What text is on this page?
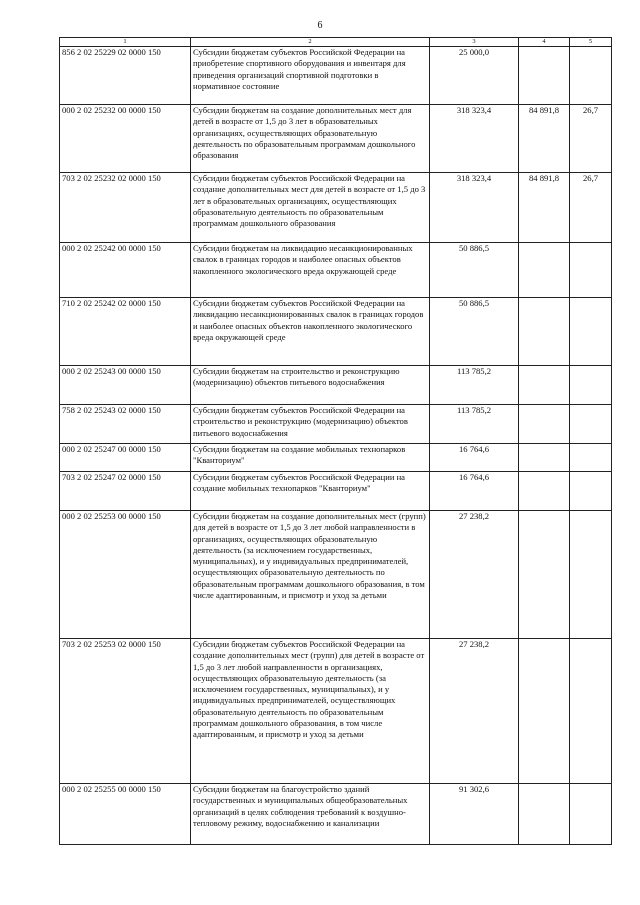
6
1	2	3	4	5
856 2 02 25229 02 0000 150	Субсидии бюджетам субъектов Российской Федерации на приобретение спортивного оборудования и инвентаря для приведения организаций спортивной подготовки в нормативное состояние	25 000,0		
000 2 02 25232 00 0000 150	Субсидии бюджетам на создание дополнительных мест для детей в возрасте от 1,5 до 3 лет в образовательных организациях, осуществляющих образовательную деятельность по образовательным программам дошкольного образования	318 323,4	84 891,8	26,7
703 2 02 25232 02 0000 150	Субсидии бюджетам субъектов Российской Федерации на создание дополнительных мест для детей в возрасте от 1,5 до 3 лет в образовательных организациях, осуществляющих образовательную деятельность по образовательным программам дошкольного образования	318 323,4	84 891,8	26,7
000 2 02 25242 00 0000 150	Субсидии бюджетам на ликвидацию несанкционированных свалок в границах городов и наиболее опасных объектов накопленного экологического вреда окружающей среде	50 886,5		
710 2 02 25242 02 0000 150	Субсидии бюджетам субъектов Российской Федерации на ликвидацию несанкционированных свалок в границах городов и наиболее опасных объектов накопленного экологического вреда окружающей среде	50 886,5		
000 2 02 25243 00 0000 150	Субсидии бюджетам на строительство и реконструкцию (модернизацию) объектов питьевого водоснабжения	113 785,2		
758 2 02 25243 02 0000 150	Субсидии бюджетам субъектов Российской Федерации на строительство и реконструкцию (модернизацию) объектов питьевого водоснабжения	113 785,2		
000 2 02 25247 00 0000 150	Субсидии бюджетам на создание мобильных технопарков "Кванториум"	16 764,6		
703 2 02 25247 02 0000 150	Субсидии бюджетам субъектов Российской Федерации на создание мобильных технопарков "Кванториум"	16 764,6		
000 2 02 25253 00 0000 150	Субсидии бюджетам на создание дополнительных мест (групп) для детей в возрасте от 1,5 до 3 лет любой направленности в организациях, осуществляющих образовательную деятельность (за исключением государственных, муниципальных), и у индивидуальных предпринимателей, осуществляющих образовательную деятельность по образовательным программам дошкольного образования, в том числе адаптированным, и присмотр и уход за детьми	27 238,2		
703 2 02 25253 02 0000 150	Субсидии бюджетам субъектов Российской Федерации на создание дополнительных мест (групп) для детей в возрасте от 1,5 до 3 лет любой направленности в организациях, осуществляющих образовательную деятельность (за исключением государственных, муниципальных), и у индивидуальных предпринимателей, осуществляющих образовательную деятельность по образовательным программам дошкольного образования, в том числе адаптированным, и присмотр и уход за детьми	27 238,2		
000 2 02 25255 00 0000 150	Субсидии бюджетам на благоустройство зданий государственных и муниципальных общеобразовательных организаций в целях соблюдения требований к воздушно-тепловому режиму, водоснабжению и канализации	91 302,6		
